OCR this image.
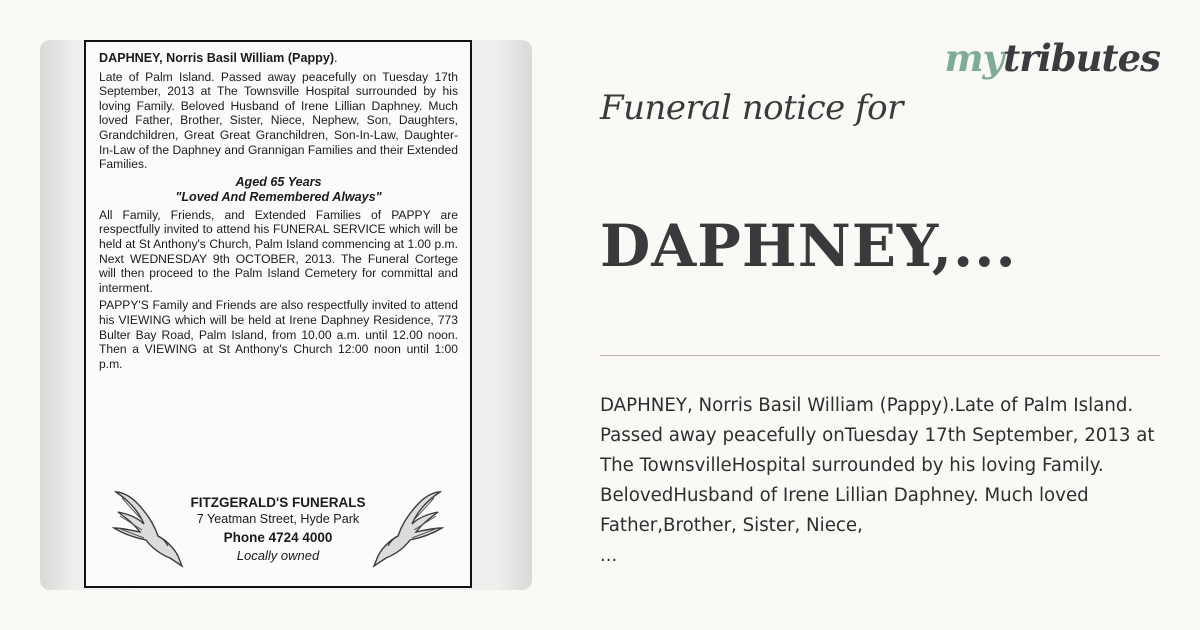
DAPHNEY, Norris Basil William (Pappy).

Late of Palm Island. Passed away peacefully on Tuesday 17th September, 2013 at The Townsville Hospital surrounded by his loving Family. Beloved Husband of Irene Lillian Daphney. Much loved Father, Brother, Sister, Niece, Nephew, Son, Daughters, Grandchildren, Great Great Granchildren, Son-In-Law, Daughter-In-Law of the Daphney and Grannigan Families and their Extended Families.

Aged 65 Years

"Loved And Remembered Always"

All Family, Friends, and Extended Families of PAPPY are respectfully invited to attend his FUNERAL SERVICE which will be held at St Anthony's Church, Palm Island commencing at 1.00 p.m. Next WEDNESDAY 9th OCTOBER, 2013. The Funeral Cortege will then proceed to the Palm Island Cemetery for committal and interment.

PAPPY'S Family and Friends are also respectfully invited to attend his VIEWING which will be held at Irene Daphney Residence, 773 Bulter Bay Road, Palm Island, from 10.00 a.m. until 12.00 noon. Then a VIEWING at St Anthony's Church 12:00 noon until 1:00 p.m.

FITZGERALD'S FUNERALS
7 Yeatman Street, Hyde Park
Phone 4724 4000
Locally owned
mytributes
Funeral notice for
DAPHNEY,...

DAPHNEY, Norris Basil William (Pappy).Late of Palm Island. Passed away peacefully onTuesday 17th September, 2013 at The TownsvilleHospital surrounded by his loving Family. BelovedHusband of Irene Lillian Daphney. Much loved Father,Brother, Sister, Niece,

...
